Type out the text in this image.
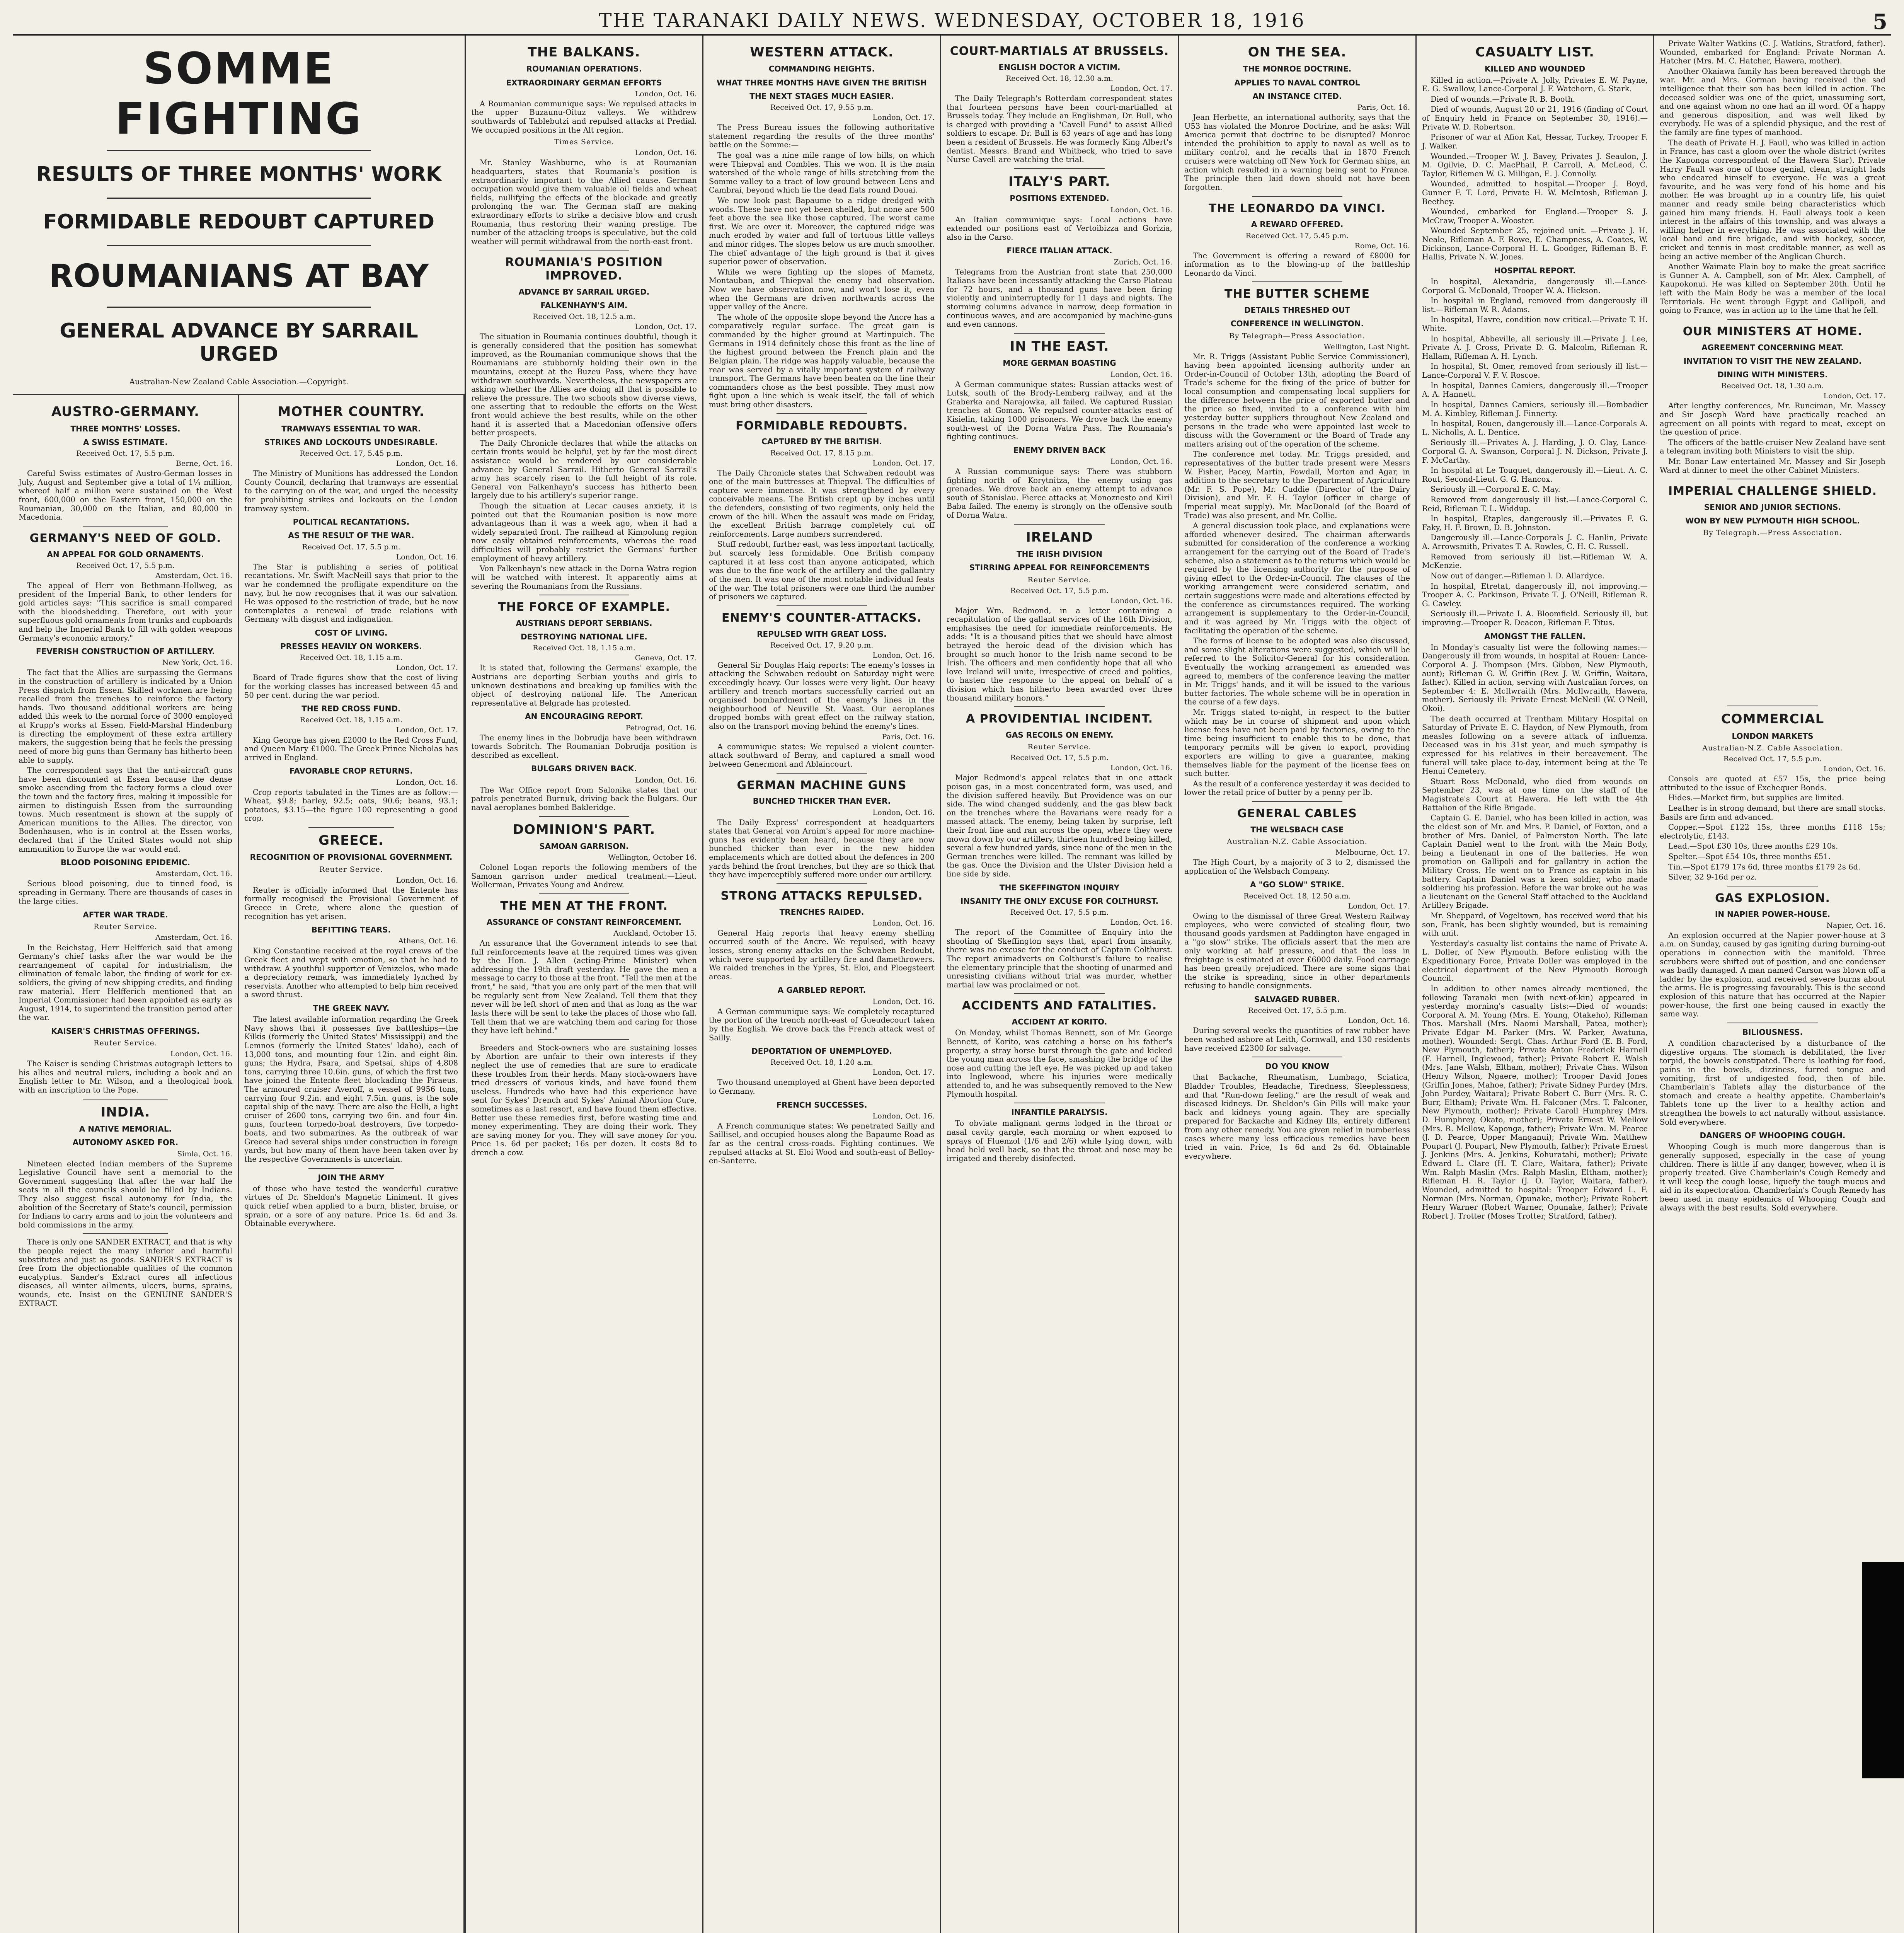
THE TARANAKI DAILY NEWS. WEDNESDAY, OCTOBER 18, 1916	5
SOMME FIGHTING
RESULTS OF THREE MONTHS' WORK
FORMIDABLE REDOUBT CAPTURED
ROUMANIANS AT BAY
GENERAL ADVANCE BY SARRAIL URGED
Australian-New Zealand Cable Association.—Copyright.
AUSTRO-GERMANY.
THREE MONTHS' LOSSES.
A SWISS ESTIMATE.
Received Oct. 17, 5.5 p.m.
Berne, Oct. 16.

Careful Swiss estimates of Austro-German losses in July, August and September give a total of 1¼ million, whereof half a million were sustained on the West front, 600,000 on the Eastern front, 150,000 on the Roumanian, 30,000 on the Italian, and 80,000 in Macedonia.

GERMANY'S NEED OF GOLD.
AN APPEAL FOR GOLD ORNAMENTS.
Received Oct. 17, 5.5 p.m.
Amsterdam, Oct. 16.

The appeal of Herr von Bethmann-Hollweg, as president of the Imperial Bank, to other lenders for gold articles says: "This sacrifice is small compared with the bloodshedding. Therefore, out with your superfluous gold ornaments from trunks and cupboards and help the Imperial Bank to fill with golden weapons Germany's economic armory."

FEVERISH CONSTRUCTION OF ARTILLERY.
New York, Oct. 16.

The fact that the Allies are surpassing the Germans in the construction of artillery is indicated by a Union Press dispatch from Essen. Skilled workmen are being recalled from the trenches to reinforce the factory hands. Two thousand additional workers are being added this week to the normal force of 3000 employed at Krupp's works at Essen. Field-Marshal Hindenburg is directing the employment of these extra artillery makers, the suggestion being that he feels the pressing need of more big guns than Germany has hitherto been able to supply.

The correspondent says that the anti-aircraft guns have been discounted at Essen because the dense smoke ascending from the factory forms a cloud over the town and the factory fires, making it impossible for airmen to distinguish Essen from the surrounding towns. Much resentment is shown at the supply of American munitions to the Allies. The director, von Bodenhausen, who is in control at the Essen works, declared that if the United States would not ship ammunition to Europe the war would end.

BLOOD POISONING EPIDEMIC.
Amsterdam, Oct. 16.

Serious blood poisoning, due to tinned food, is spreading in Germany. There are thousands of cases in the large cities.

AFTER WAR TRADE.
Reuter Service.
Amsterdam, Oct. 16.

In the Reichstag, Herr Helfferich said that among Germany's chief tasks after the war would be the rearrangement of capital for industrialism, the elimination of female labor, the finding of work for ex-soldiers, the giving of new shipping credits, and finding raw material. Herr Helfferich mentioned that an Imperial Commissioner had been appointed as early as August, 1914, to superintend the transition period after the war.

KAISER'S CHRISTMAS OFFERINGS.
Reuter Service.
London, Oct. 16.

The Kaiser is sending Christmas autograph letters to his allies and neutral rulers, including a book and an English letter to Mr. Wilson, and a theological book with an inscription to the Pope.

INDIA.
A NATIVE MEMORIAL.
AUTONOMY ASKED FOR.
Simla, Oct. 16.

Nineteen elected Indian members of the Supreme Legislative Council have sent a memorial to the Government suggesting that after the war half the seats in all the councils should be filled by Indians. They also suggest fiscal autonomy for India, the abolition of the Secretary of State's council, permission for Indians to carry arms and to join the volunteers and bold commissions in the army.

There is only one SANDER EXTRACT, and that is why the people reject the many inferior and harmful substitutes and just as goods. SANDER'S EXTRACT is free from the objectionable qualities of the common eucalyptus. Sander's Extract cures all infectious diseases, all winter ailments, ulcers, burns, sprains, wounds, etc. Insist on the GENUINE SANDER'S EXTRACT.

MOTHER COUNTRY.
TRAMWAYS ESSENTIAL TO WAR.
STRIKES AND LOCKOUTS UNDESIRABLE.
Received Oct. 17, 5.45 p.m.
London, Oct. 16.

The Ministry of Munitions has addressed the London County Council, declaring that tramways are essential to the carrying on of the war, and urged the necessity for prohibiting strikes and lockouts on the London tramway system.

POLITICAL RECANTATIONS.
AS THE RESULT OF THE WAR.
Received Oct. 17, 5.5 p.m.
London, Oct. 16.

The Star is publishing a series of political recantations. Mr. Swift MacNeill says that prior to the war he condemned the profligate expenditure on the navy, but he now recognises that it was our salvation. He was opposed to the restriction of trade, but he now contemplates a renewal of trade relations with Germany with disgust and indignation.

COST OF LIVING.
PRESSES HEAVILY ON WORKERS.
Received Oct. 18, 1.15 a.m.
London, Oct. 17.

Board of Trade figures show that the cost of living for the working classes has increased between 45 and 50 per cent. during the war period.

THE RED CROSS FUND.
Received Oct. 18, 1.15 a.m.
London, Oct. 17.

King George has given £2000 to the Red Cross Fund, and Queen Mary £1000. The Greek Prince Nicholas has arrived in England.

FAVORABLE CROP RETURNS.
London, Oct. 16.

Crop reports tabulated in the Times are as follow:—Wheat, $9.8; barley, 92.5; oats, 90.6; beans, 93.1; potatoes, $3.15—the figure 100 representing a good crop.

GREECE.
RECOGNITION OF PROVISIONAL GOVERNMENT.
Reuter Service.
London, Oct. 16.

Reuter is officially informed that the Entente has formally recognised the Provisional Government of Greece in Crete, where alone the question of recognition has yet arisen.

BEFITTING TEARS.
Athens, Oct. 16.

King Constantine received at the royal crews of the Greek fleet and wept with emotion, so that he had to withdraw. A youthful supporter of Venizelos, who made a depreciatory remark, was immediately lynched by reservists. Another who attempted to help him received a sword thrust.

THE GREEK NAVY.

The latest available information regarding the Greek Navy shows that it possesses five battleships—the Kilkis (formerly the United States' Mississippi) and the Lemnos (formerly the United States' Idaho), each of 13,000 tons, and mounting four 12in. and eight 8in. guns; the Hydra, Psara, and Spetsai, ships of 4,808 tons, carrying three 10.6in. guns, of which the first two have joined the Entente fleet blockading the Piraeus. The armoured cruiser Averoff, a vessel of 9956 tons, carrying four 9.2in. and eight 7.5in. guns, is the sole capital ship of the navy. There are also the Helli, a light cruiser of 2600 tons, carrying two 6in. and four 4in. guns, fourteen torpedo-boat destroyers, five torpedo-boats, and two submarines. As the outbreak of war Greece had several ships under construction in foreign yards, but how many of them have been taken over by the respective Governments is uncertain.

JOIN THE ARMY

of those who have tested the wonderful curative virtues of Dr. Sheldon's Magnetic Liniment. It gives quick relief when applied to a burn, blister, bruise, or sprain, or a sore of any nature. Price 1s. 6d and 3s. Obtainable everywhere.

THE BALKANS.
ROUMANIAN OPERATIONS.
EXTRAORDINARY GERMAN EFFORTS
London, Oct. 16.

A Roumanian communique says: We repulsed attacks in the upper Buzaunu-Oituz valleys. We withdrew southwards of Tablebutzi and repulsed attacks at Predial. We occupied positions in the Alt region.

Times Service.
London, Oct. 16.

Mr. Stanley Washburne, who is at Roumanian headquarters, states that Roumania's position is extraordinarily important to the Allied cause. German occupation would give them valuable oil fields and wheat fields, nullifying the effects of the blockade and greatly prolonging the war. The German staff are making extraordinary efforts to strike a decisive blow and crush Roumania, thus restoring their waning prestige. The number of the attacking troops is speculative, but the cold weather will permit withdrawal from the north-east front.

ROUMANIA'S POSITION IMPROVED.
ADVANCE BY SARRAIL URGED.
FALKENHAYN'S AIM.
Received Oct. 18, 12.5 a.m.
London, Oct. 17.

The situation in Roumania continues doubtful, though it is generally considered that the position has somewhat improved, as the Roumanian communique shows that the Roumanians are stubbornly holding their own in the mountains, except at the Buzeu Pass, where they have withdrawn southwards. Nevertheless, the newspapers are asking whether the Allies are doing all that is possible to relieve the pressure. The two schools show diverse views, one asserting that to redouble the efforts on the West front would achieve the best results, while on the other hand it is asserted that a Macedonian offensive offers better prospects.

The Daily Chronicle declares that while the attacks on certain fronts would be helpful, yet by far the most direct assistance would be rendered by our considerable advance by General Sarrail. Hitherto General Sarrail's army has scarcely risen to the full height of its role. General von Falkenhayn's success has hitherto been largely due to his artillery's superior range.

Though the situation at Lecar causes anxiety, it is pointed out that the Roumanian position is now more advantageous than it was a week ago, when it had a widely separated front. The railhead at Kimpolung region now easily obtained reinforcements, whereas the road difficulties will probably restrict the Germans' further employment of heavy artillery.

Von Falkenhayn's new attack in the Dorna Watra region will be watched with interest. It apparently aims at severing the Roumanians from the Russians.

THE FORCE OF EXAMPLE.
AUSTRIANS DEPORT SERBIANS.
DESTROYING NATIONAL LIFE.
Received Oct. 18, 1.15 a.m.
Geneva, Oct. 17.

It is stated that, following the Germans' example, the Austrians are deporting Serbian youths and girls to unknown destinations and breaking up families with the object of destroying national life. The American representative at Belgrade has protested.

AN ENCOURAGING REPORT.
Petrograd, Oct. 16.

The enemy lines in the Dobrudja have been withdrawn towards Sobritch. The Roumanian Dobrudja position is described as excellent.

BULGARS DRIVEN BACK.
London, Oct. 16.

The War Office report from Salonika states that our patrols penetrated Burnuk, driving back the Bulgars. Our naval aeroplanes bombed Bakleridge.

DOMINION'S PART.
SAMOAN GARRISON.
Wellington, October 16.

Colonel Logan reports the following members of the Samoan garrison under medical treatment:—Lieut. Wollerman, Privates Young and Andrew.

THE MEN AT THE FRONT.
ASSURANCE OF CONSTANT REINFORCEMENT.
Auckland, October 15.

An assurance that the Government intends to see that full reinforcements leave at the required times was given by the Hon. J. Allen (acting-Prime Minister) when addressing the 19th draft yesterday. He gave the men a message to carry to those at the front. "Tell the men at the front," he said, "that you are only part of the men that will be regularly sent from New Zealand. Tell them that they never will be left short of men and that as long as the war lasts there will be sent to take the places of those who fall. Tell them that we are watching them and caring for those they have left behind."

Breeders and Stock-owners who are sustaining losses by Abortion are unfair to their own interests if they neglect the use of remedies that are sure to eradicate these troubles from their herds. Many stock-owners have tried dressers of various kinds, and have found them useless. Hundreds who have had this experience have sent for Sykes' Drench and Sykes' Animal Abortion Cure, sometimes as a last resort, and have found them effective. Better use these remedies first, before wasting time and money experimenting. They are doing their work. They are saving money for you. They will save money for you. Price 1s. 6d per packet; 16s per dozen. It costs 8d to drench a cow.

WESTERN ATTACK.
COMMANDING HEIGHTS.
WHAT THREE MONTHS HAVE GIVEN THE BRITISH
THE NEXT STAGES MUCH EASIER.
Received Oct. 17, 9.55 p.m.
London, Oct. 17.

The Press Bureau issues the following authoritative statement regarding the results of the three months' battle on the Somme:—

The goal was a nine mile range of low hills, on which were Thiepval and Combles. This we won. It is the main watershed of the whole range of hills stretching from the Somme valley to a tract of low ground between Lens and Cambrai, beyond which lie the dead flats round Douai.

We now look past Bapaume to a ridge dredged with woods. These have not yet been shelled, but none are 500 feet above the sea like those captured. The worst came first. We are over it. Moreover, the captured ridge was much eroded by water and full of tortuous little valleys and minor ridges. The slopes below us are much smoother. The chief advantage of the high ground is that it gives superior power of observation.

While we were fighting up the slopes of Mametz, Montauban, and Thiepval the enemy had observation. Now we have observation now, and won't lose it, even when the Germans are driven northwards across the upper valley of the Ancre.

The whole of the opposite slope beyond the Ancre has a comparatively regular surface. The great gain is commanded by the higher ground at Martinpuich. The Germans in 1914 definitely chose this front as the line of the highest ground between the French plain and the Belgian plain. The ridge was happily valuable, because the rear was served by a vitally important system of railway transport. The Germans have been beaten on the line their commanders chose as the best possible. They must now fight upon a line which is weak itself, the fall of which must bring other disasters.

FORMIDABLE REDOUBTS.
CAPTURED BY THE BRITISH.
Received Oct. 17, 8.15 p.m.
London, Oct. 17.

The Daily Chronicle states that Schwaben redoubt was one of the main buttresses at Thiepval. The difficulties of capture were immense. It was strengthened by every conceivable means. The British crept up by inches until the defenders, consisting of two regiments, only held the crown of the hill. When the assault was made on Friday, the excellent British barrage completely cut off reinforcements. Large numbers surrendered.

Stuff redoubt, further east, was less important tactically, but scarcely less formidable. One British company captured it at less cost than anyone anticipated, which was due to the fine work of the artillery and the gallantry of the men. It was one of the most notable individual feats of the war. The total prisoners were one third the number of prisoners we captured.

ENEMY'S COUNTER-ATTACKS.
REPULSED WITH GREAT LOSS.
Received Oct. 17, 9.20 p.m.
London, Oct. 16.

General Sir Douglas Haig reports: The enemy's losses in attacking the Schwaben redoubt on Saturday night were exceedingly heavy. Our losses were very light. Our heavy artillery and trench mortars successfully carried out an organised bombardment of the enemy's lines in the neighbourhood of Neuville St. Vaast. Our aeroplanes dropped bombs with great effect on the railway station, also on the transport moving behind the enemy's lines.

Paris, Oct. 16.

A communique states: We repulsed a violent counter-attack southward of Berny, and captured a small wood between Genermont and Ablaincourt.

GERMAN MACHINE GUNS
BUNCHED THICKER THAN EVER.
London, Oct. 16.

The Daily Express' correspondent at headquarters states that General von Arnim's appeal for more machine-guns has evidently been heard, because they are now bunched thicker than ever in the new hidden emplacements which are dotted about the defences in 200 yards behind the front trenches, but they are so thick that they have imperceptibly suffered more under our artillery.

STRONG ATTACKS REPULSED.
TRENCHES RAIDED.
London, Oct. 16.

General Haig reports that heavy enemy shelling occurred south of the Ancre. We repulsed, with heavy losses, strong enemy attacks on the Schwaben Redoubt, which were supported by artillery fire and flamethrowers. We raided trenches in the Ypres, St. Eloi, and Ploegsteert areas.

A GARBLED REPORT.
London, Oct. 16.

A German communique says: We completely recaptured the portion of the trench north-east of Gueudecourt taken by the English. We drove back the French attack west of Sailly.

DEPORTATION OF UNEMPLOYED.
Received Oct. 18, 1.20 a.m.
London, Oct. 17.

Two thousand unemployed at Ghent have been deported to Germany.

FRENCH SUCCESSES.
London, Oct. 16.

A French communique states: We penetrated Sailly and Saillisel, and occupied houses along the Bapaume Road as far as the central cross-roads. Fighting continues. We repulsed attacks at St. Eloi Wood and south-east of Belloy-en-Santerre.

COURT-MARTIALS AT BRUSSELS.
ENGLISH DOCTOR A VICTIM.
Received Oct. 18, 12.30 a.m.
London, Oct. 17.

The Daily Telegraph's Rotterdam correspondent states that fourteen persons have been court-martialled at Brussels today. They include an Englishman, Dr. Bull, who is charged with providing a "Cavell Fund" to assist Allied soldiers to escape. Dr. Bull is 63 years of age and has long been a resident of Brussels. He was formerly King Albert's dentist. Messrs. Brand and Whitbeck, who tried to save Nurse Cavell are watching the trial.

ITALY'S PART.
POSITIONS EXTENDED.
London, Oct. 16.

An Italian communique says: Local actions have extended our positions east of Vertoibizza and Gorizia, also in the Carso.

FIERCE ITALIAN ATTACK.
Zurich, Oct. 16.

Telegrams from the Austrian front state that 250,000 Italians have been incessantly attacking the Carso Plateau for 72 hours, and a thousand guns have been firing violently and uninterruptedly for 11 days and nights. The storming columns advance in narrow, deep formation in continuous waves, and are accompanied by machine-guns and even cannons.

IN THE EAST.
MORE GERMAN BOASTING
London, Oct. 16.

A German communique states: Russian attacks west of Lutsk, south of the Brody-Lemberg railway, and at the Graberka and Narajowka, all failed. We captured Russian trenches at Goman. We repulsed counter-attacks east of Kisielin, taking 1000 prisoners. We drove back the enemy south-west of the Dorna Watra Pass. The Roumania's fighting continues.

ENEMY DRIVEN BACK
London, Oct. 16.

A Russian communique says: There was stubborn fighting north of Korytnitza, the enemy using gas grenades. We drove back an enemy attempt to advance south of Stanislau. Fierce attacks at Monoznesto and Kiril Baba failed. The enemy is strongly on the offensive south of Dorna Watra.

IRELAND
THE IRISH DIVISION
STIRRING APPEAL FOR REINFORCEMENTS
Reuter Service.
Received Oct. 17, 5.5 p.m.
London, Oct. 16.

Major Wm. Redmond, in a letter containing a recapitulation of the gallant services of the 16th Division, emphasises the need for immediate reinforcements. He adds: "It is a thousand pities that we should have almost betrayed the heroic dead of the division which has brought so much honor to the Irish name second to be Irish. The officers and men confidently hope that all who love Ireland will unite, irrespective of creed and politics, to hasten the response to the appeal on behalf of a division which has hitherto been awarded over three thousand military honors."

A PROVIDENTIAL INCIDENT.
GAS RECOILS ON ENEMY.
Reuter Service.
Received Oct. 17, 5.5 p.m.
London, Oct. 16.

Major Redmond's appeal relates that in one attack poison gas, in a most concentrated form, was used, and the division suffered heavily. But Providence was on our side. The wind changed suddenly, and the gas blew back on the trenches where the Bavarians were ready for a massed attack. The enemy, being taken by surprise, left their front line and ran across the open, where they were mown down by our artillery, thirteen hundred being killed, several a few hundred yards, since none of the men in the German trenches were killed. The remnant was killed by the gas. Once the Division and the Ulster Division held a line side by side.

THE SKEFFINGTON INQUIRY
INSANITY THE ONLY EXCUSE FOR COLTHURST.
Received Oct. 17, 5.5 p.m.
London, Oct. 16.

The report of the Committee of Enquiry into the shooting of Skeffington says that, apart from insanity, there was no excuse for the conduct of Captain Colthurst. The report animadverts on Colthurst's failure to realise the elementary principle that the shooting of unarmed and unresisting civilians without trial was murder, whether martial law was proclaimed or not.

ACCIDENTS AND FATALITIES.
ACCIDENT AT KORITO.

On Monday, whilst Thomas Bennett, son of Mr. George Bennett, of Korito, was catching a horse on his father's property, a stray horse burst through the gate and kicked the young man across the face, smashing the bridge of the nose and cutting the left eye. He was picked up and taken into Inglewood, where his injuries were medically attended to, and he was subsequently removed to the New Plymouth hospital.

INFANTILE PARALYSIS.

To obviate malignant germs lodged in the throat or nasal cavity gargle, each morning or when exposed to sprays of Fluenzol (1/6 and 2/6) while lying down, with head held well back, so that the throat and nose may be irrigated and thereby disinfected.

ON THE SEA.
THE MONROE DOCTRINE.
APPLIES TO NAVAL CONTROL
AN INSTANCE CITED.
Paris, Oct. 16.

Jean Herbette, an international authority, says that the U53 has violated the Monroe Doctrine, and he asks: Will America permit that doctrine to be disrupted? Monroe intended the prohibition to apply to naval as well as to military control, and he recalls that in 1870 French cruisers were watching off New York for German ships, an action which resulted in a warning being sent to France. The principle then laid down should not have been forgotten.

THE LEONARDO DA VINCI.
A REWARD OFFERED.
Received Oct. 17, 5.45 p.m.
Rome, Oct. 16.

The Government is offering a reward of £8000 for information as to the blowing-up of the battleship Leonardo da Vinci.

THE BUTTER SCHEME
DETAILS THRESHED OUT
CONFERENCE IN WELLINGTON.
By Telegraph—Press Association.
Wellington, Last Night.

Mr. R. Triggs (Assistant Public Service Commissioner), having been appointed licensing authority under an Order-in-Council of October 13th, adopting the Board of Trade's scheme for the fixing of the price of butter for local consumption and compensating local suppliers for the difference between the price of exported butter and the price so fixed, invited to a conference with him yesterday butter suppliers throughout New Zealand and persons in the trade who were appointed last week to discuss with the Government or the Board of Trade any matters arising out of the operation of the scheme.

The conference met today. Mr. Triggs presided, and representatives of the butter trade present were Messrs W. Fisher, Pacey, Martin, Fowdall, Morton and Agar, in addition to the secretary to the Department of Agriculture (Mr. F. S. Pope), Mr. Cuddie (Director of the Dairy Division), and Mr. F. H. Taylor (officer in charge of Imperial meat supply). Mr. MacDonald (of the Board of Trade) was also present, and Mr. Collie.

A general discussion took place, and explanations were afforded whenever desired. The chairman afterwards submitted for consideration of the conference a working arrangement for the carrying out of the Board of Trade's scheme, also a statement as to the returns which would be required by the licensing authority for the purpose of giving effect to the Order-in-Council. The clauses of the working arrangement were considered seriatim, and certain suggestions were made and alterations effected by the conference as circumstances required. The working arrangement is supplementary to the Order-in-Council, and it was agreed by Mr. Triggs with the object of facilitating the operation of the scheme.

The forms of license to be adopted was also discussed, and some slight alterations were suggested, which will be referred to the Solicitor-General for his consideration. Eventually the working arrangement as amended was agreed to, members of the conference leaving the matter in Mr. Triggs' hands, and it will be issued to the various butter factories. The whole scheme will be in operation in the course of a few days.

Mr. Triggs stated to-night, in respect to the butter which may be in course of shipment and upon which license fees have not been paid by factories, owing to the time being insufficient to enable this to be done, that temporary permits will be given to export, providing exporters are willing to give a guarantee, making themselves liable for the payment of the license fees on such butter.

As the result of a conference yesterday it was decided to lower the retail price of butter by a penny per lb.

GENERAL CABLES
THE WELSBACH CASE
Australian-N.Z. Cable Association.
Melbourne, Oct. 17.

The High Court, by a majority of 3 to 2, dismissed the application of the Welsbach Company.

A "GO SLOW" STRIKE.
Received Oct. 18, 12.50 a.m.
London, Oct. 17.

Owing to the dismissal of three Great Western Railway employees, who were convicted of stealing flour, two thousand goods yardsmen at Paddington have engaged in a "go slow" strike. The officials assert that the men are only working at half pressure, and that the loss in freightage is estimated at over £6000 daily. Food carriage has been greatly prejudiced. There are some signs that the strike is spreading, since in other departments refusing to handle consignments.

SALVAGED RUBBER.
Received Oct. 17, 5.5 p.m.
London, Oct. 16.

During several weeks the quantities of raw rubber have been washed ashore at Leith, Cornwall, and 130 residents have received £2300 for salvage.

DO YOU KNOW

that Backache, Rheumatism, Lumbago, Sciatica, Bladder Troubles, Headache, Tiredness, Sleeplessness, and that "Run-down feeling," are the result of weak and diseased kidneys. Dr. Sheldon's Gin Pills will make your back and kidneys young again. They are specially prepared for Backache and Kidney Ills, entirely different from any other remedy. You are given relief in numberless cases where many less efficacious remedies have been tried in vain. Price, 1s 6d and 2s 6d. Obtainable everywhere.

CASUALTY LIST.
KILLED AND WOUNDED

Killed in action.—Private A. Jolly, Privates E. W. Payne, E. G. Swallow, Lance-Corporal J. F. Watchorn, G. Stark.

Died of wounds.—Private R. B. Booth.

Died of wounds, August 20 or 21, 1916 (finding of Court of Enquiry held in France on September 30, 1916).—Private W. D. Robertson.

Prisoner of war at Afion Kat, Hessar, Turkey, Trooper F. J. Walker.

Wounded.—Trooper W. J. Bavey, Privates J. Seaulon, J. M. Ogilvie, D. C. MacPhail, P. Carroll, A. McLeod, C. Taylor, Riflemen W. G. Milligan, E. J. Connolly.

Wounded, admitted to hospital.—Trooper J. Boyd, Gunner F. T. Lord, Private H. W. McIntosh, Rifleman J. Beethey.

Wounded, embarked for England.—Trooper S. J. McCraw, Trooper A. Wooster.

Wounded September 25, rejoined unit. —Private J. H. Neale, Rifleman A. F. Rowe, E. Champness, A. Coates, W. Dickinson, Lance-Corporal H. L. Goodger, Rifleman B. F. Hallis, Private N. W. Jones.

HOSPITAL REPORT.

In hospital, Alexandria, dangerously ill.—Lance-Corporal G. McDonald, Trooper W. A. Hickson.

In hospital in England, removed from dangerously ill list.—Rifleman W. R. Adams.

In hospital, Havre, condition now critical.—Private T. H. White.

In hospital, Abbeville, all seriously ill.—Private J. Lee, Private A. J. Cross, Private D. G. Malcolm, Rifleman R. Hallam, Rifleman A. H. Lynch.

In hospital, St. Omer, removed from seriously ill list.—Lance-Corporal V. F. V. Roscoe.

In hospital, Dannes Camiers, dangerously ill.—Trooper A. A. Hannett.

In hospital, Dannes Camiers, seriously ill.—Bombadier M. A. Kimbley, Rifleman J. Finnerty.

In hospital, Rouen, dangerously ill.—Lance-Corporals A. L. Nicholls, A. L. Dentice.

Seriously ill.—Privates A. J. Harding, J. O. Clay, Lance-Corporal G. A. Swanson, Corporal J. N. Dickson, Private J. F. McCarthy.

In hospital at Le Touquet, dangerously ill.—Lieut. A. C. Rout, Second-Lieut. G. G. Hancox.

Seriously ill.—Corporal E. C. May.

Removed from dangerously ill list.—Lance-Corporal C. Reid, Rifleman T. L. Widdup.

In hospital, Etaples, dangerously ill.—Privates F. G. Faky, H. F. Brown, D. B. Johnston.

Dangerously ill.—Lance-Corporals J. C. Hanlin, Private A. Arrowsmith, Privates T. A. Rowles, C. H. C. Russell.

Removed from seriously ill list.—Rifleman W. A. McKenzie.

Now out of danger.—Rifleman I. D. Allardyce.

In hospital, Etretat, dangerously ill, not improving.—Trooper A. C. Parkinson, Private T. J. O'Neill, Rifleman R. G. Cawley.

Seriously ill.—Private I. A. Bloomfield. Seriously ill, but improving.—Trooper R. Deacon, Rifleman F. Titus.

AMONGST THE FALLEN.

In Monday's casualty list were the following names:—Dangerously ill from wounds, in hospital at Rouen: Lance-Corporal A. J. Thompson (Mrs. Gibbon, New Plymouth, aunt); Rifleman G. W. Griffin (Rev. J. W. Griffin, Waitara, father). Killed in action, serving with Australian forces, on September 4: E. McIlwraith (Mrs. McIlwraith, Hawera, mother). Seriously ill: Private Ernest McNeill (W. O'Neill, Okoi).

The death occurred at Trentham Military Hospital on Saturday of Private E. C. Haydon, of New Plymouth, from measles following on a severe attack of influenza. Deceased was in his 31st year, and much sympathy is expressed for his relatives in their bereavement. The funeral will take place to-day, interment being at the Te Henui Cemetery.

Stuart Ross McDonald, who died from wounds on September 23, was at one time on the staff of the Magistrate's Court at Hawera. He left with the 4th Battalion of the Rifle Brigade.

Captain G. E. Daniel, who has been killed in action, was the eldest son of Mr. and Mrs. P. Daniel, of Foxton, and a brother of Mrs. Daniel, of Palmerston North. The late Captain Daniel went to the front with the Main Body, being a lieutenant in one of the batteries. He won promotion on Gallipoli and for gallantry in action the Military Cross. He went on to France as captain in his battery. Captain Daniel was a keen soldier, who made soldiering his profession. Before the war broke out he was a lieutenant on the General Staff attached to the Auckland Artillery Brigade.

Mr. Sheppard, of Vogeltown, has received word that his son, Frank, has been slightly wounded, but is remaining with unit.

Yesterday's casualty list contains the name of Private A. L. Doller, of New Plymouth. Before enlisting with the Expeditionary Force, Private Doller was employed in the electrical department of the New Plymouth Borough Council.

In addition to other names already mentioned, the following Taranaki men (with next-of-kin) appeared in yesterday morning's casualty lists:—Died of wounds: Corporal A. M. Young (Mrs. E. Young, Otakeho), Rifleman Thos. Marshall (Mrs. Naomi Marshall, Patea, mother); Private Edgar M. Parker (Mrs. W. Parker, Awatuna, mother). Wounded: Sergt. Chas. Arthur Ford (E. B. Ford, New Plymouth, father); Private Anton Frederick Harnell (F. Harnell, Inglewood, father); Private Robert E. Walsh (Mrs. Jane Walsh, Eltham, mother); Private Chas. Wilson (Henry Wilson, Ngaere, mother); Trooper David Jones (Griffin Jones, Mahoe, father); Private Sidney Purdey (Mrs. John Purdey, Waitara); Private Robert C. Burr (Mrs. R. C. Burr, Eltham); Private Wm. H. Falconer (Mrs. T. Falconer, New Plymouth, mother); Private Caroll Humphrey (Mrs. D. Humphrey, Okato, mother); Private Ernest W. Mellow (Mrs. R. Mellow, Kaponga, father); Private Wm. M. Pearce (J. D. Pearce, Upper Manganui); Private Wm. Matthew Poupart (J. Poupart, New Plymouth, father); Private Ernest J. Jenkins (Mrs. A. Jenkins, Kohuratahi, mother); Private Edward L. Clare (H. T. Clare, Waitara, father); Private Wm. Ralph Maslin (Mrs. Ralph Maslin, Eltham, mother); Rifleman H. R. Taylor (J. O. Taylor, Waitara, father). Wounded, admitted to hospital: Trooper Edward L. F. Norman (Mrs. Norman, Opunake, mother); Private Robert Henry Warner (Robert Warner, Opunake, father); Private Robert J. Trotter (Moses Trotter, Stratford, father).

Private Walter Watkins (C. J. Watkins, Stratford, father). Wounded, embarked for England: Private Norman A. Hatcher (Mrs. M. C. Hatcher, Hawera, mother).

Another Okaiawa family has been bereaved through the war. Mr. and Mrs. Gorman having received the sad intelligence that their son has been killed in action. The deceased soldier was one of the quiet, unassuming sort, and one against whom no one had an ill word. Of a happy and generous disposition, and was well liked by everybody. He was of a splendid physique, and the rest of the family are fine types of manhood.

The death of Private H. J. Faull, who was killed in action in France, has cast a gloom over the whole district (writes the Kaponga correspondent of the Hawera Star). Private Harry Faull was one of those genial, clean, straight lads who endeared himself to everyone. He was a great favourite, and he was very fond of his home and his mother. He was brought up in a country life, his quiet manner and ready smile being characteristics which gained him many friends. H. Faull always took a keen interest in the affairs of this township, and was always a willing helper in everything. He was associated with the local band and fire brigade, and with hockey, soccer, cricket and tennis in most creditable manner, as well as being an active member of the Anglican Church.

Another Waimate Plain boy to make the great sacrifice is Gunner A. A. Campbell, son of Mr. Alex. Campbell, of Kaupokonui. He was killed on September 20th. Until he left with the Main Body he was a member of the local Territorials. He went through Egypt and Gallipoli, and going to France, was in action up to the time that he fell.

OUR MINISTERS AT HOME.
AGREEMENT CONCERNING MEAT.
INVITATION TO VISIT THE NEW ZEALAND.
DINING WITH MINISTERS.
Received Oct. 18, 1.30 a.m.
London, Oct. 17.

After lengthy conferences, Mr. Runciman, Mr. Massey and Sir Joseph Ward have practically reached an agreement on all points with regard to meat, except on the question of price.

The officers of the battle-cruiser New Zealand have sent a telegram inviting both Ministers to visit the ship.

Mr. Bonar Law entertained Mr. Massey and Sir Joseph Ward at dinner to meet the other Cabinet Ministers.

IMPERIAL CHALLENGE SHIELD.
SENIOR AND JUNIOR SECTIONS.
WON BY NEW PLYMOUTH HIGH SCHOOL.
By Telegraph.—Press Association.
COMMERCIAL
LONDON MARKETS
Australian-N.Z. Cable Association.
Received Oct. 17, 5.5 p.m.
London, Oct. 16.

Consols are quoted at £57 15s, the price being attributed to the issue of Exchequer Bonds.

Hides.—Market firm, but supplies are limited.

Leather is in strong demand, but there are small stocks. Basils are firm and advanced.

Copper.—Spot £122 15s, three months £118 15s; electrolytic, £143.

Lead.—Spot £30 10s, three months £29 10s.

Spelter.—Spot £54 10s, three months £51.

Tin.—Spot £179 17s 6d, three months £179 2s 6d.

Silver, 32 9-16d per oz.

GAS EXPLOSION.
IN NAPIER POWER-HOUSE.
Napier, Oct. 16.

An explosion occurred at the Napier power-house at 3 a.m. on Sunday, caused by gas igniting during burning-out operations in connection with the manifold. Three scrubbers were shifted out of position, and one condenser was badly damaged. A man named Carson was blown off a ladder by the explosion, and received severe burns about the arms. He is progressing favourably. This is the second explosion of this nature that has occurred at the Napier power-house, the first one being caused in exactly the same way.

BILIOUSNESS.

A condition characterised by a disturbance of the digestive organs. The stomach is debilitated, the liver torpid, the bowels constipated. There is loathing for food, pains in the bowels, dizziness, furred tongue and vomiting, first of undigested food, then of bile. Chamberlain's Tablets allay the disturbance of the stomach and create a healthy appetite. Chamberlain's Tablets tone up the liver to a healthy action and strengthen the bowels to act naturally without assistance. Sold everywhere.

DANGERS OF WHOOPING COUGH.

Whooping Cough is much more dangerous than is generally supposed, especially in the case of young children. There is little if any danger, however, when it is properly treated. Give Chamberlain's Cough Remedy and it will keep the cough loose, liquefy the tough mucus and aid in its expectoration. Chamberlain's Cough Remedy has been used in many epidemics of Whooping Cough and always with the best results. Sold everywhere.
